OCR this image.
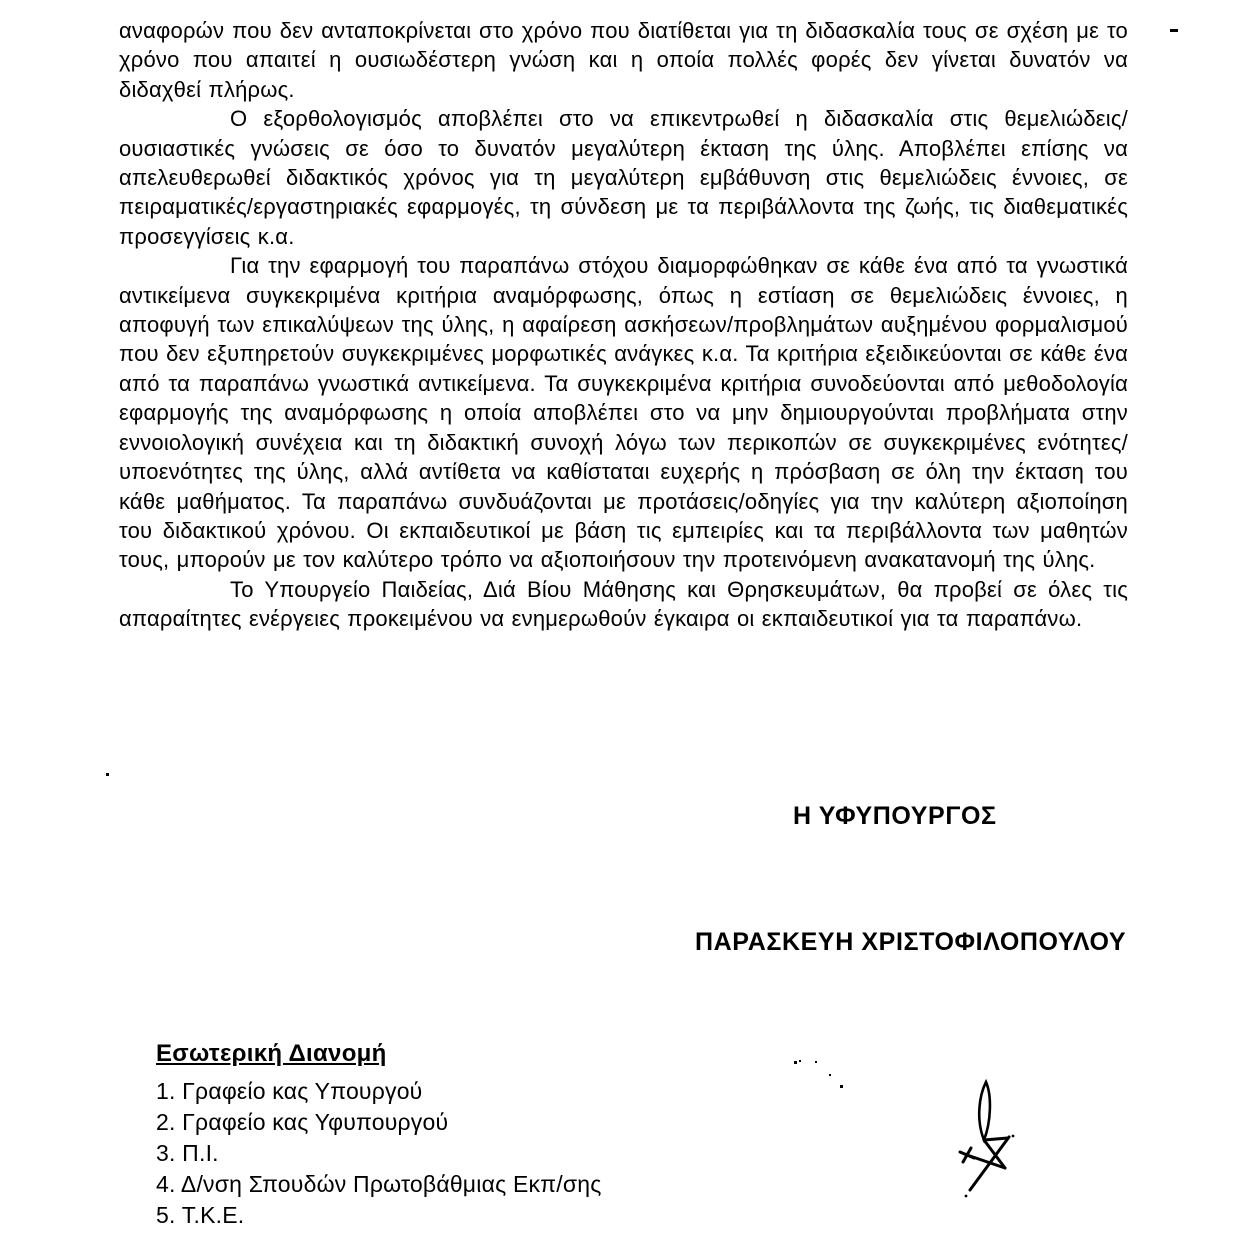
αναφορών που δεν ανταποκρίνεται στο χρόνο που διατίθεται για τη διδασκαλία τους σε σχέση με το χρόνο που απαιτεί η ουσιωδέστερη γνώση και η οποία πολλές φορές δεν γίνεται δυνατόν να διδαχθεί πλήρως.

Ο εξορθολογισμός αποβλέπει στο να επικεντρωθεί η διδασκαλία στις θεμελιώδεις/ουσιαστικές γνώσεις σε όσο το δυνατόν μεγαλύτερη έκταση της ύλης. Αποβλέπει επίσης να απελευθερωθεί διδακτικός χρόνος για τη μεγαλύτερη εμβάθυνση στις θεμελιώδεις έννοιες, σε πειραματικές/εργαστηριακές εφαρμογές, τη σύνδεση με τα περιβάλλοντα της ζωής, τις διαθεματικές προσεγγίσεις κ.α.

Για την εφαρμογή του παραπάνω στόχου διαμορφώθηκαν σε κάθε ένα από τα γνωστικά αντικείμενα συγκεκριμένα κριτήρια αναμόρφωσης, όπως η εστίαση σε θεμελιώδεις έννοιες, η αποφυγή των επικαλύψεων της ύλης, η αφαίρεση ασκήσεων/προβλημάτων αυξημένου φορμαλισμού που δεν εξυπηρετούν συγκεκριμένες μορφωτικές ανάγκες κ.α. Τα κριτήρια εξειδικεύονται σε κάθε ένα από τα παραπάνω γνωστικά αντικείμενα. Τα συγκεκριμένα κριτήρια συνοδεύονται από μεθοδολογία εφαρμογής της αναμόρφωσης η οποία αποβλέπει στο να μην δημιουργούνται προβλήματα στην εννοιολογική συνέχεια και τη διδακτική συνοχή λόγω των περικοπών σε συγκεκριμένες ενότητες/υποενότητες της ύλης, αλλά αντίθετα να καθίσταται ευχερής η πρόσβαση σε όλη την έκταση του κάθε μαθήματος. Τα παραπάνω συνδυάζονται με προτάσεις/οδηγίες για την καλύτερη αξιοποίηση του διδακτικού χρόνου. Οι εκπαιδευτικοί με βάση τις εμπειρίες και τα περιβάλλοντα των μαθητών τους, μπορούν με τον καλύτερο τρόπο να αξιοποιήσουν την προτεινόμενη ανακατανομή της ύλης.

Το Υπουργείο Παιδείας, Διά Βίου Μάθησης και Θρησκευμάτων, θα προβεί σε όλες τις απαραίτητες ενέργειες προκειμένου να ενημερωθούν έγκαιρα οι εκπαιδευτικοί για τα παραπάνω.

Η ΥΦΥΠΟΥΡΓΟΣ
ΠΑΡΑΣΚΕΥΗ ΧΡΙΣΤΟΦΙΛΟΠΟΥΛΟΥ
Εσωτερική Διανομή
1. Γραφείο κας Υπουργού
2. Γραφείο κας Υφυπουργού
3. Π.Ι.
4. Δ/νση Σπουδών Πρωτοβάθμιας Εκπ/σης
5. Τ.Κ.Ε.
